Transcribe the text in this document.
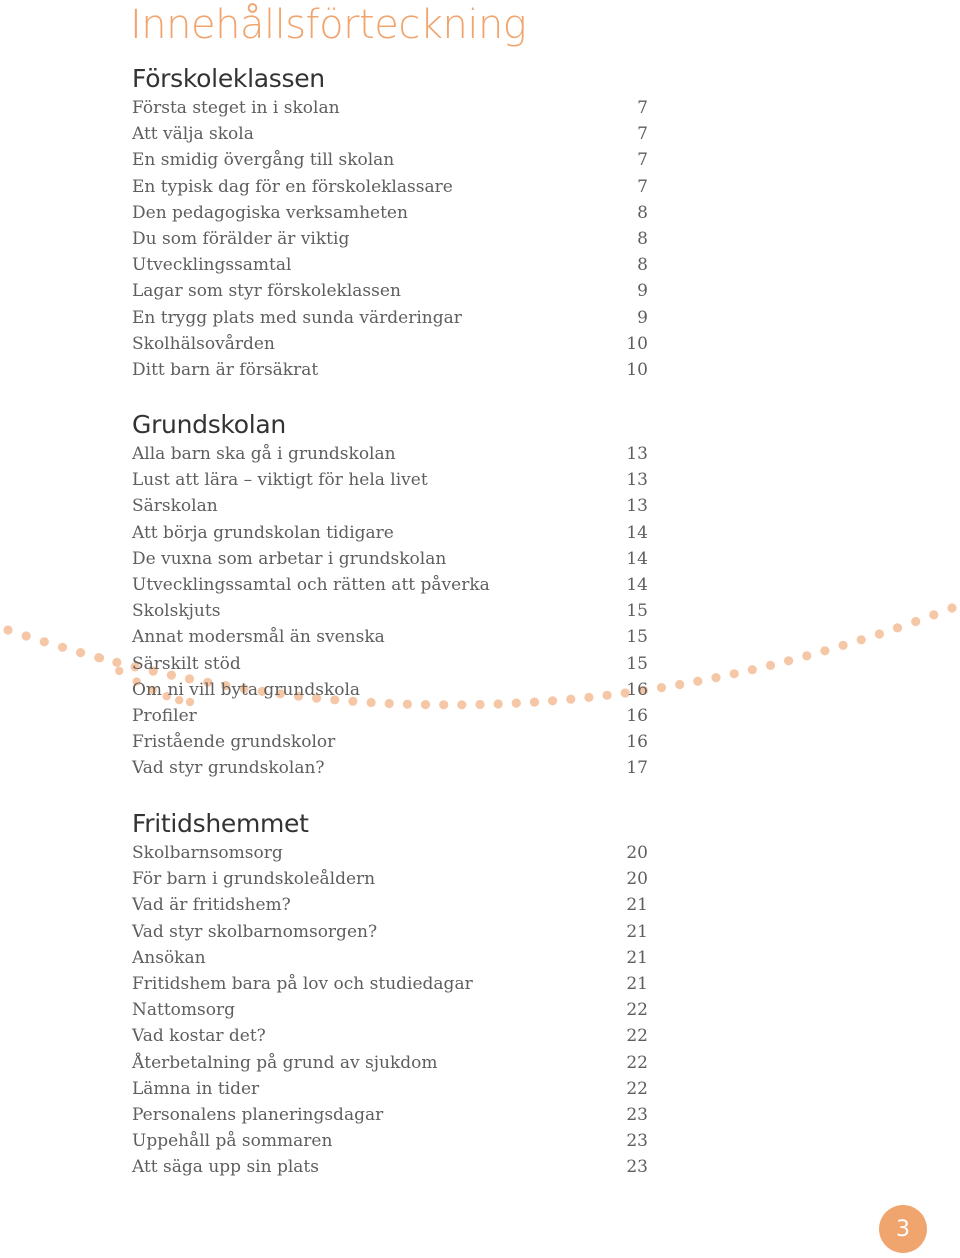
Innehållsförteckning
Förskoleklassen
Första steget in i skolan	7
Att välja skola	7
En smidig övergång till skolan	7
En typisk dag för en förskoleklassare	7
Den pedagogiska verksamheten	8
Du som förälder är viktig	8
Utvecklingssamtal	8
Lagar som styr förskoleklassen	9
En trygg plats med sunda värderingar	9
Skolhälsovården	10
Ditt barn är försäkrat	10
Grundskolan
Alla barn ska gå i grundskolan	13
Lust att lära – viktigt för hela livet	13
Särskolan	13
Att börja grundskolan tidigare	14
De vuxna som arbetar i grundskolan	14
Utvecklingssamtal och rätten att påverka	14
Skolskjuts	15
Annat modersmål än svenska	15
Särskilt stöd	15
Om ni vill byta grundskola	16
Profiler	16
Fristående grundskolor	16
Vad styr grundskolan?	17
Fritidshemmet
Skolbarnsomsorg	20
För barn i grundskoleåldern	20
Vad är fritidshem?	21
Vad styr skolbarnomsorgen?	21
Ansökan	21
Fritidshem bara på lov och studiedagar	21
Nattomsorg	22
Vad kostar det?	22
Återbetalning på grund av sjukdom	22
Lämna in tider	22
Personalens planeringsdagar	23
Uppehåll på sommaren	23
Att säga upp sin plats	23
3
